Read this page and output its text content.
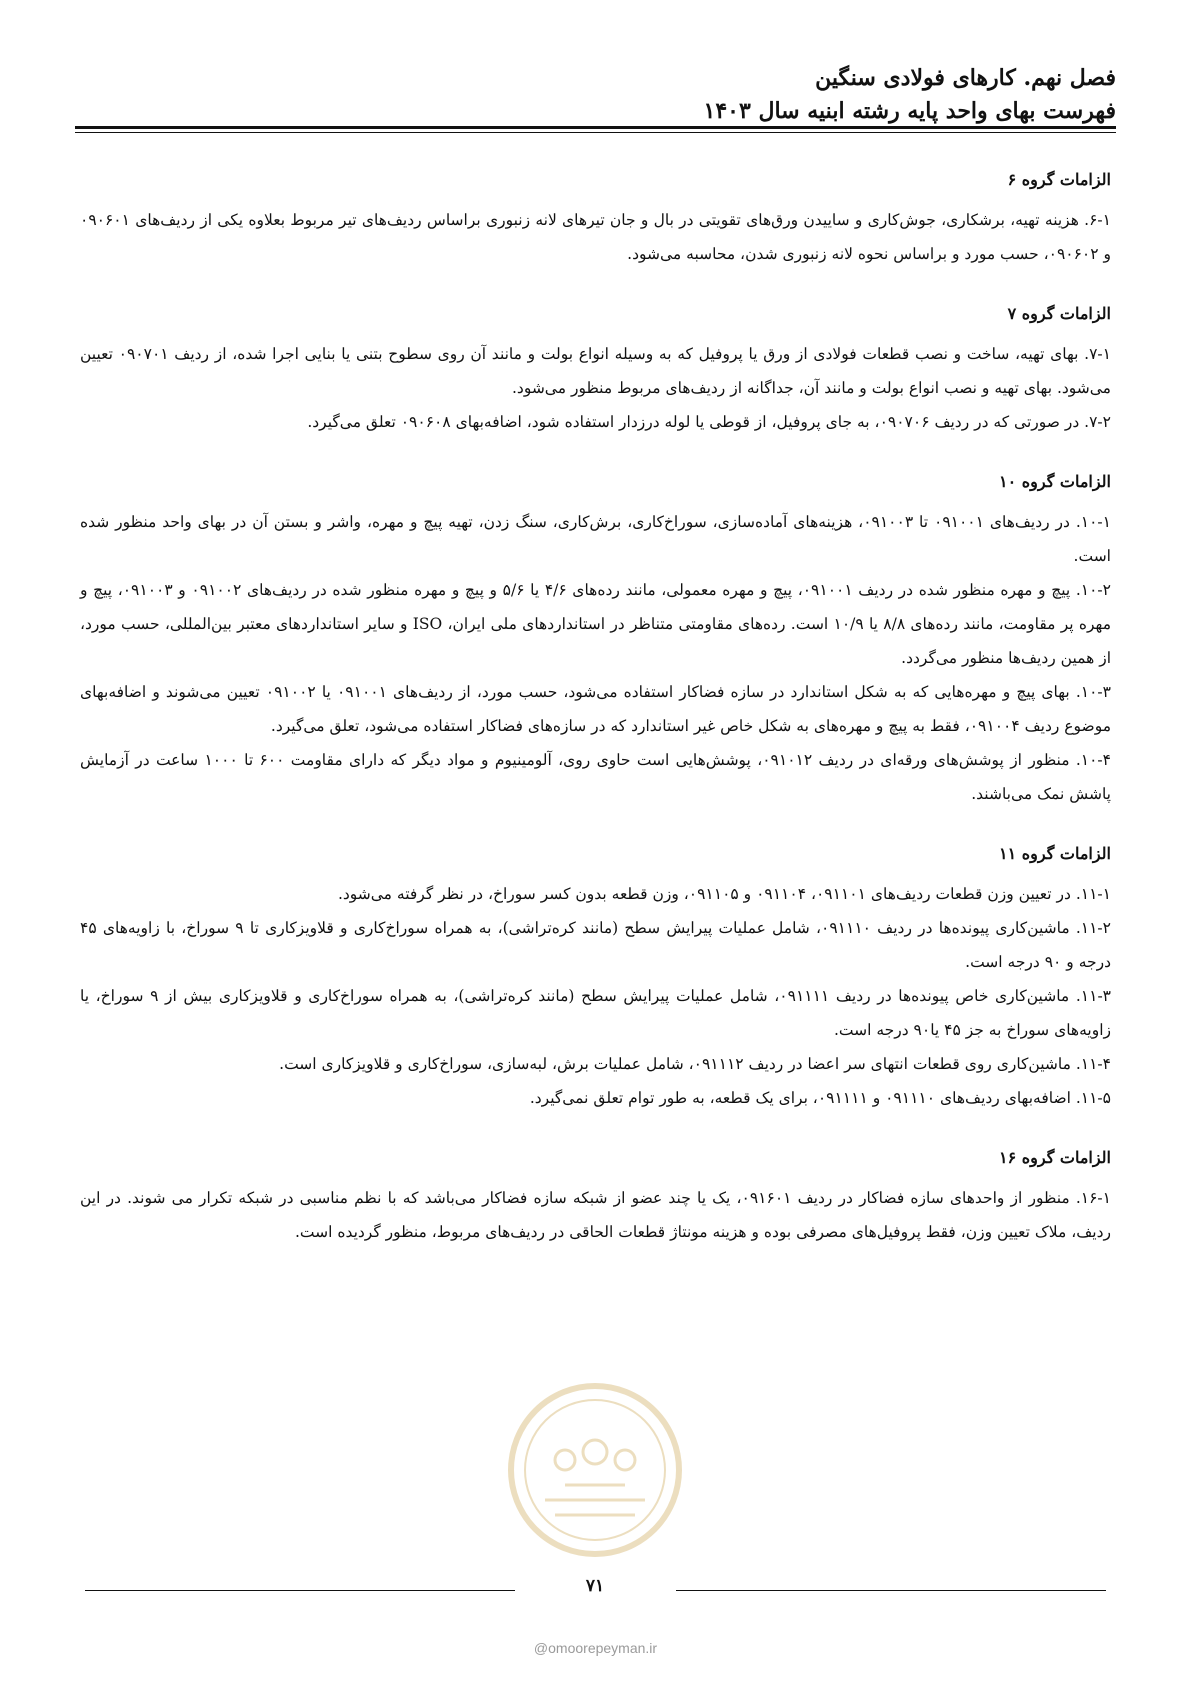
فصل نهم. کارهای فولادی سنگین
فهرست بهای واحد پایه رشته ابنیه سال ۱۴۰۳
الزامات گروه ۶

۶-۱. هزینه تهیه، برشکاری، جوش‌کاری و ساییدن ورق‌های تقویتی در بال و جان تیرهای لانه زنبوری براساس ردیف‌های تیر مربوط بعلاوه یکی از ردیف‌های ۰۹۰۶۰۱ و ۰۹۰۶۰۲، حسب مورد و براساس نحوه لانه زنبوری شدن، محاسبه می‌شود.

الزامات گروه ۷

۷-۱. بهای تهیه، ساخت و نصب قطعات فولادی از ورق یا پروفیل که به وسیله انواع بولت و مانند آن روی سطوح بتنی یا بنایی اجرا شده، از ردیف ۰۹۰۷۰۱ تعیین می‌شود. بهای تهیه و نصب انواع بولت و مانند آن، جداگانه از ردیف‌های مربوط منظور می‌شود.

۷-۲. در صورتی که در ردیف ۰۹۰۷۰۶، به جای پروفیل، از قوطی یا لوله درزدار استفاده شود، اضافه‌بهای ۰۹۰۶۰۸ تعلق می‌گیرد.

الزامات گروه ۱۰

۱۰-۱. در ردیف‌های ۰۹۱۰۰۱ تا ۰۹۱۰۰۳، هزینه‌های آماده‌سازی، سوراخ‌کاری، برش‌کاری، سنگ زدن، تهیه پیچ و مهره، واشر و بستن آن در بهای واحد منظور شده است.

۱۰-۲. پیچ و مهره منظور شده در ردیف ۰۹۱۰۰۱، پیچ و مهره معمولی، مانند رده‌های ۴/۶ یا ۵/۶ و پیچ و مهره منظور شده در ردیف‌های ۰۹۱۰۰۲ و ۰۹۱۰۰۳، پیچ و مهره پر مقاومت، مانند رده‌های ۸/۸ یا ۱۰/۹ است. رده‌های مقاومتی متناظر در استانداردهای ملی ایران، ISO و سایر استانداردهای معتبر بین‌المللی، حسب مورد، از همین ردیف‌ها منظور می‌گردد.

۱۰-۳. بهای پیچ و مهره‌هایی که به شکل استاندارد در سازه فضاکار استفاده می‌شود، حسب مورد، از ردیف‌های ۰۹۱۰۰۱ یا ۰۹۱۰۰۲ تعیین می‌شوند و اضافه‌بهای موضوع ردیف ۰۹۱۰۰۴، فقط به پیچ و مهره‌های به شکل خاص غیر استاندارد که در سازه‌های فضاکار استفاده می‌شود، تعلق می‌گیرد.

۱۰-۴. منظور از پوشش‌های ورقه‌ای در ردیف ۰۹۱۰۱۲، پوشش‌هایی است حاوی روی، آلومینیوم و مواد دیگر که دارای مقاومت ۶۰۰ تا ۱۰۰۰ ساعت در آزمایش پاشش نمک می‌باشند.

الزامات گروه ۱۱

۱۱-۱. در تعیین وزن قطعات ردیف‌های ۰۹۱۱۰۱، ۰۹۱۱۰۴ و ۰۹۱۱۰۵، وزن قطعه بدون کسر سوراخ، در نظر گرفته می‌شود.

۱۱-۲. ماشین‌کاری پیونده‌ها در ردیف ۰۹۱۱۱۰، شامل عملیات پیرایش سطح (مانند کره‌تراشی)، به همراه سوراخ‌کاری و قلاویزکاری تا ۹ سوراخ، با زاویه‌های ۴۵ درجه و ۹۰ درجه است.

۱۱-۳. ماشین‌کاری خاص پیونده‌ها در ردیف ۰۹۱۱۱۱، شامل عملیات پیرایش سطح (مانند کره‌تراشی)، به همراه سوراخ‌کاری و قلاویزکاری بیش از ۹ سوراخ، یا زاویه‌های سوراخ به جز ۴۵ یا۹۰ درجه است.

۱۱-۴. ماشین‌کاری روی قطعات انتهای سر اعضا در ردیف ۰۹۱۱۱۲، شامل عملیات برش، لبه‌سازی، سوراخ‌کاری و قلاویزکاری است.

۱۱-۵. اضافه‌بهای ردیف‌های ۰۹۱۱۱۰ و ۰۹۱۱۱۱، برای یک قطعه، به طور توام تعلق نمی‌گیرد.

الزامات گروه ۱۶

۱۶-۱. منظور از واحدهای سازه فضاکار در ردیف ۰۹۱۶۰۱، یک یا چند عضو از شبکه سازه فضاکار می‌باشد که با نظم مناسبی در شبکه تکرار می شوند. در این ردیف، ملاک تعیین وزن، فقط پروفیل‌های مصرفی بوده و هزینه مونتاژ قطعات الحاقی در ردیف‌های مربوط، منظور گردیده است.

۷۱
@omoorepeyman.ir
